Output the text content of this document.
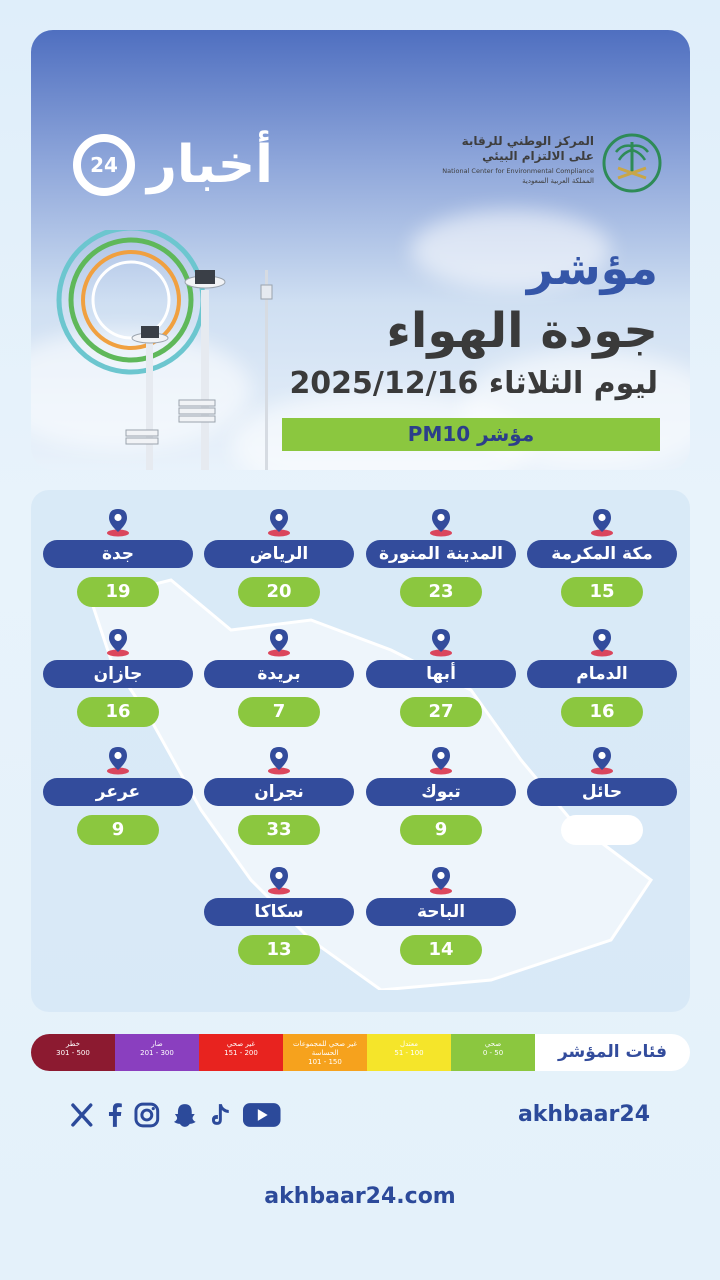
المركز الوطني للرقابة
على الالتزام البيئي
National Center for Environmental Compliance
المملكة العربية السعودية
24 أخبار
مؤشر
جودة الهواء
ليوم الثلاثاء 2025/12/16
مؤشر PM10
مكة المكرمة
15
المدينة المنورة
23
الرياض
20
جدة
19
الدمام
16
أبها
27
بريدة
7
جازان
16
حائل
تبوك
9
نجران
33
عرعر
9
الباحة
14
سكاكا
13
فئات المؤشر
صحي
0 - 50
معتدل
51 - 100
غير صحي للمجموعات الحساسة
101 - 150
غير صحي
151 - 200
ضار
201 - 300
خطر
301 - 500
akhbaar24
akhbaar24.com
